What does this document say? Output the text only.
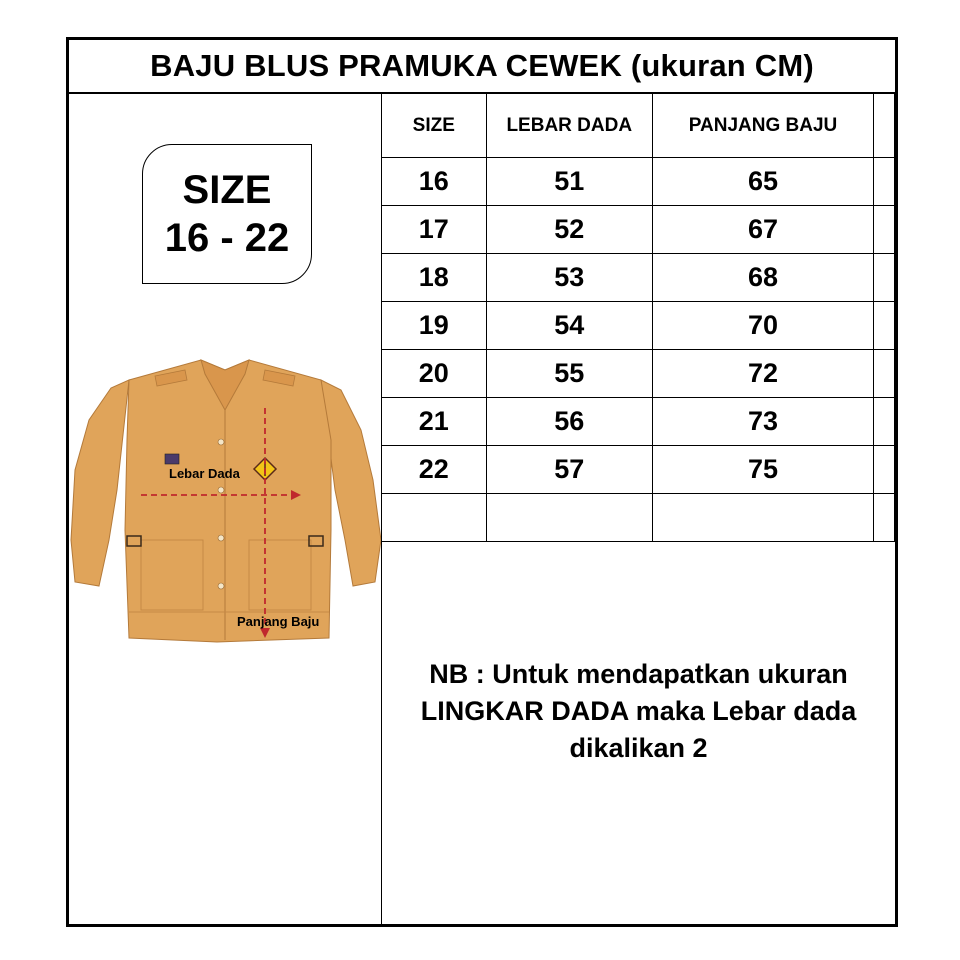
BAJU BLUS PRAMUKA CEWEK (ukuran CM)
SIZE
16 - 22
SIZE	LEBAR DADA	PANJANG BAJU	
16	51	65	
17	52	67	
18	53	68	
19	54	70	
20	55	72	
21	56	73	
22	57	75	

NB : Untuk mendapatkan ukuran LINGKAR DADA maka Lebar dada dikalikan 2
Lebar Dada
Panjang Baju
